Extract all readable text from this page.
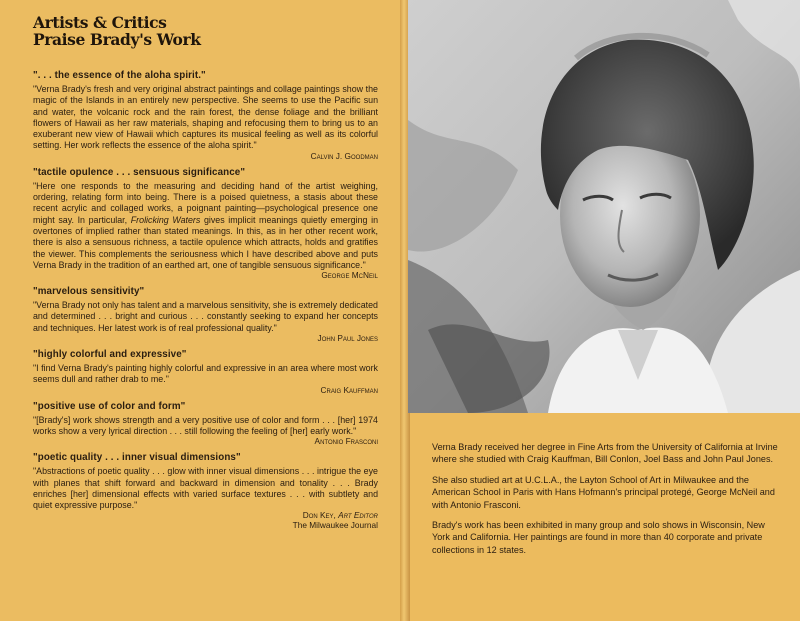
Artists & Critics
Praise Brady's Work
". . . the essence of the aloha spirit."
"Verna Brady's fresh and very original abstract paintings and collage paintings show the magic of the Islands in an entirely new perspective. She seems to use the Pacific sun and water, the volcanic rock and the rain forest, the dense foliage and the brilliant flowers of Hawaii as her raw materials, shaping and refocusing them to bring us to an exuberant new view of Hawaii which captures its musical feeling as well as its colorful setting. Her work reflects the essence of the aloha spirit."
Calvin J. Goodman
"tactile opulence . . . sensuous significance"
"Here one responds to the measuring and deciding hand of the artist weighing, ordering, relating form into being. There is a poised quietness, a stasis about these recent acrylic and collaged works, a poignant painting—psychological presence one might say. In particular, Frolicking Waters gives implicit meanings quietly emerging in overtones of implied rather than stated meanings. In this, as in her other recent work, there is also a sensuous richness, a tactile opulence which attracts, holds and gratifies the viewer. This complements the seriousness which I have described above and puts Verna Brady in the tradition of an earthed art, one of tangible sensuous significance."
George McNeil
"marvelous sensitivity"
"Verna Brady not only has talent and a marvelous sensitivity, she is extremely dedicated and determined . . . bright and curious . . . constantly seeking to expand her concepts and techniques. Her latest work is of real professional quality."
John Paul Jones
"highly colorful and expressive"
"I find Verna Brady's painting highly colorful and expressive in an area where most work seems dull and rather drab to me."
Craig Kauffman
"positive use of color and form"
"[Brady's] work shows strength and a very positive use of color and form . . . [her] 1974 works show a very lyrical direction . . . still following the feeling of [her] early work."
Antonio Frasconi
"poetic quality . . . inner visual dimensions"
"Abstractions of poetic quality . . . glow with inner visual dimensions . . . intrigue the eye with planes that shift forward and backward in dimension and tonality . . . Brady enriches [her] dimensional effects with varied surface textures . . . with subtlety and quiet expressive purpose."
Don Key, Art Editor
The Milwaukee Journal

Verna Brady received her degree in Fine Arts from the University of California at Irvine where she studied with Craig Kauffman, Bill Conlon, Joel Bass and John Paul Jones.

She also studied art at U.C.L.A., the Layton School of Art in Milwaukee and the American School in Paris with Hans Hofmann's principal protegé, George McNeil and with Antonio Frasconi.

Brady's work has been exhibited in many group and solo shows in Wisconsin, New York and California. Her paintings are found in more than 40 corporate and private collections in 12 states.
